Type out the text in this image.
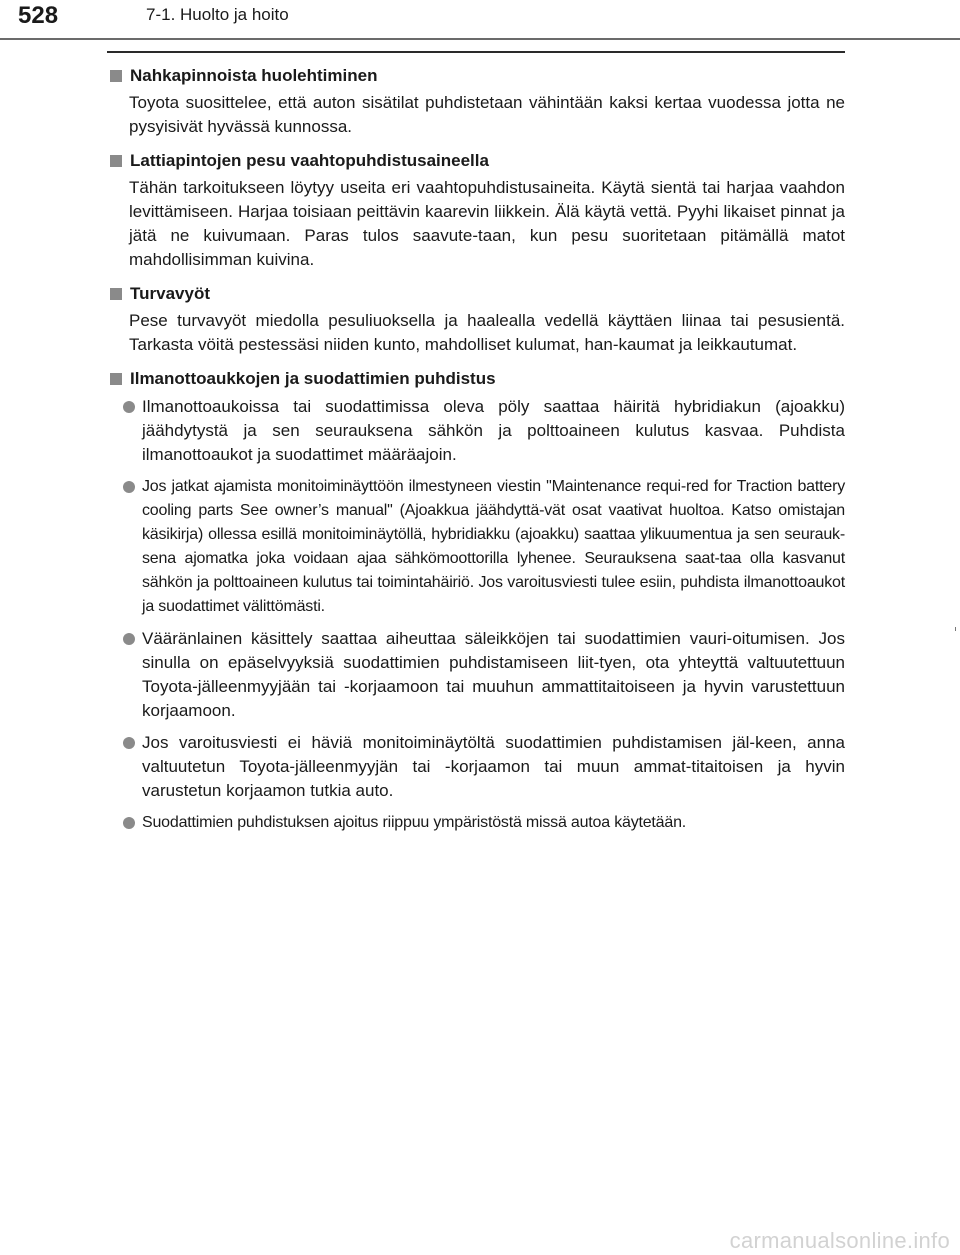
528	7-1. Huolto ja hoito
Nahkapinnoista huolehtiminen
Toyota suosittelee, että auton sisätilat puhdistetaan vähintään kaksi kertaa vuodessa jotta ne pysyisivät hyvässä kunnossa.
Lattiapintojen pesu vaahtopuhdistusaineella
Tähän tarkoitukseen löytyy useita eri vaahtopuhdistusaineita. Käytä sientä tai harjaa vaahdon levittämiseen. Harjaa toisiaan peittävin kaarevin liikkein. Älä käytä vettä. Pyyhi likaiset pinnat ja jätä ne kuivumaan. Paras tulos saavute-taan, kun pesu suoritetaan pitämällä matot mahdollisimman kuivina.
Turvavyöt
Pese turvavyöt miedolla pesuliuoksella ja haalealla vedellä käyttäen liinaa tai pesusientä. Tarkasta vöitä pestessäsi niiden kunto, mahdolliset kulumat, han-kaumat ja leikkautumat.
Ilmanottoaukkojen ja suodattimien puhdistus
Ilmanottoaukoissa tai suodattimissa oleva pöly saattaa häiritä hybridiakun (ajoakku) jäähdytystä ja sen seurauksena sähkön ja polttoaineen kulutus kasvaa. Puhdista ilmanottoaukot ja suodattimet määräajoin.
Jos jatkat ajamista monitoiminäyttöön ilmestyneen viestin "Maintenance requi-red for Traction battery cooling parts See owner’s manual" (Ajoakkua jäähdyttä-vät osat vaativat huoltoa. Katso omistajan käsikirja) ollessa esillä monitoiminäytöllä, hybridiakku (ajoakku) saattaa ylikuumentua ja sen seurauk-sena ajomatka joka voidaan ajaa sähkömoottorilla lyhenee. Seurauksena saat-taa olla kasvanut sähkön ja polttoaineen kulutus tai toimintahäiriö. Jos varoitusviesti tulee esiin, puhdista ilmanottoaukot ja suodattimet välittömästi.
Vääränlainen käsittely saattaa aiheuttaa säleikköjen tai suodattimien vauri-oitumisen. Jos sinulla on epäselvyyksiä suodattimien puhdistamiseen liit-tyen, ota yhteyttä valtuutettuun Toyota-jälleenmyyjään tai -korjaamoon tai muuhun ammattitaitoiseen ja hyvin varustettuun korjaamoon.
Jos varoitusviesti ei häviä monitoiminäytöltä suodattimien puhdistamisen jäl-keen, anna valtuutetun Toyota-jälleenmyyjän tai -korjaamon tai muun ammat-titaitoisen ja hyvin varustetun korjaamon tutkia auto.
Suodattimien puhdistuksen ajoitus riippuu ympäristöstä missä autoa käytetään.
carmanualsonline.info
